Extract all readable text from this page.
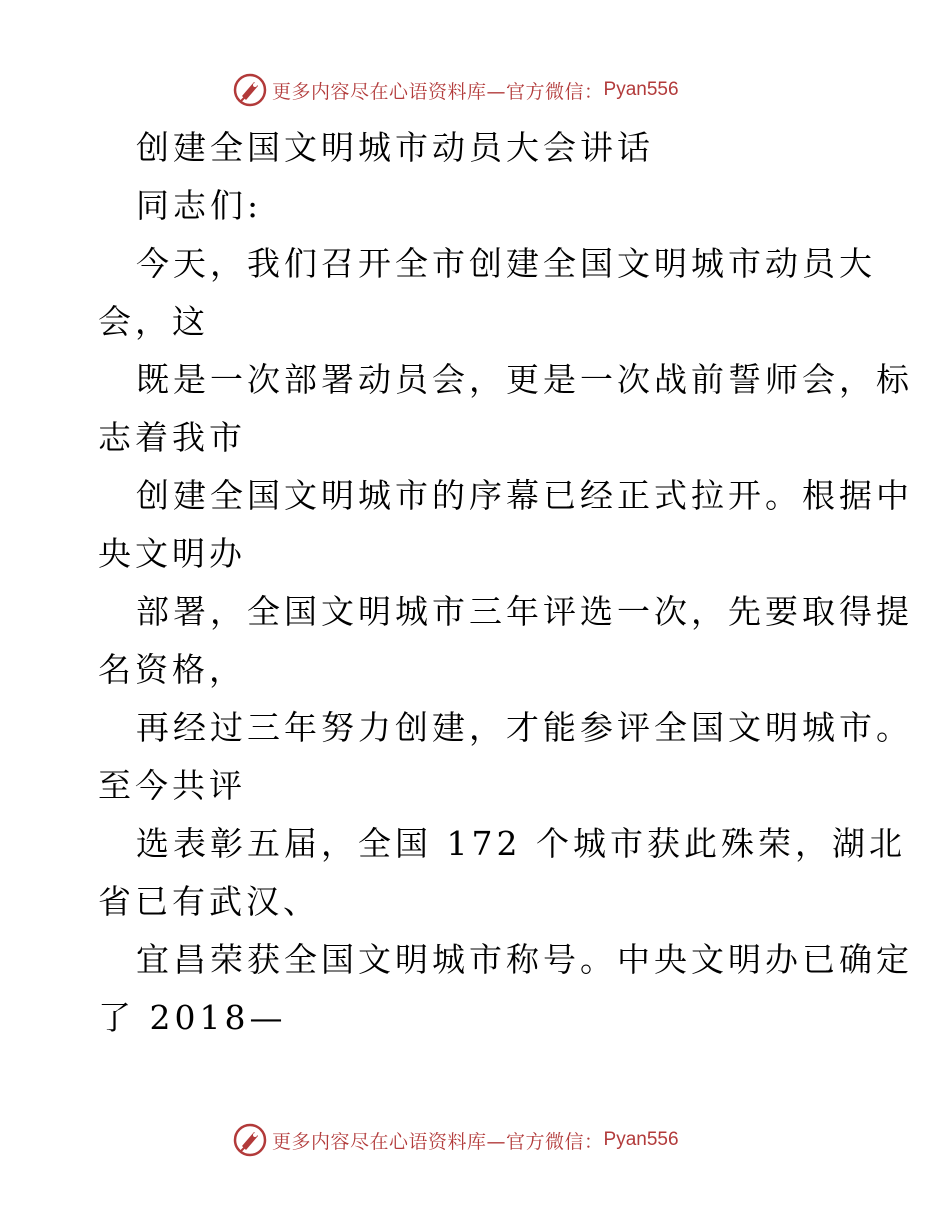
更多内容尽在心语资料库—官方微信： Pyan556
创建全国文明城市动员大会讲话
同志们:
今天，我们召开全市创建全国文明城市动员大
会，这
既是一次部署动员会，更是一次战前誓师会，标
志着我市
创建全国文明城市的序幕已经正式拉开。根据中
央文明办
部署，全国文明城市三年评选一次，先要取得提
名资格，
再经过三年努力创建，才能参评全国文明城市。
至今共评
选表彰五届，全国 172 个城市获此殊荣，湖北
省已有武汉、
宜昌荣获全国文明城市称号。中央文明办已确定
了 2018—
更多内容尽在心语资料库—官方微信： Pyan556
